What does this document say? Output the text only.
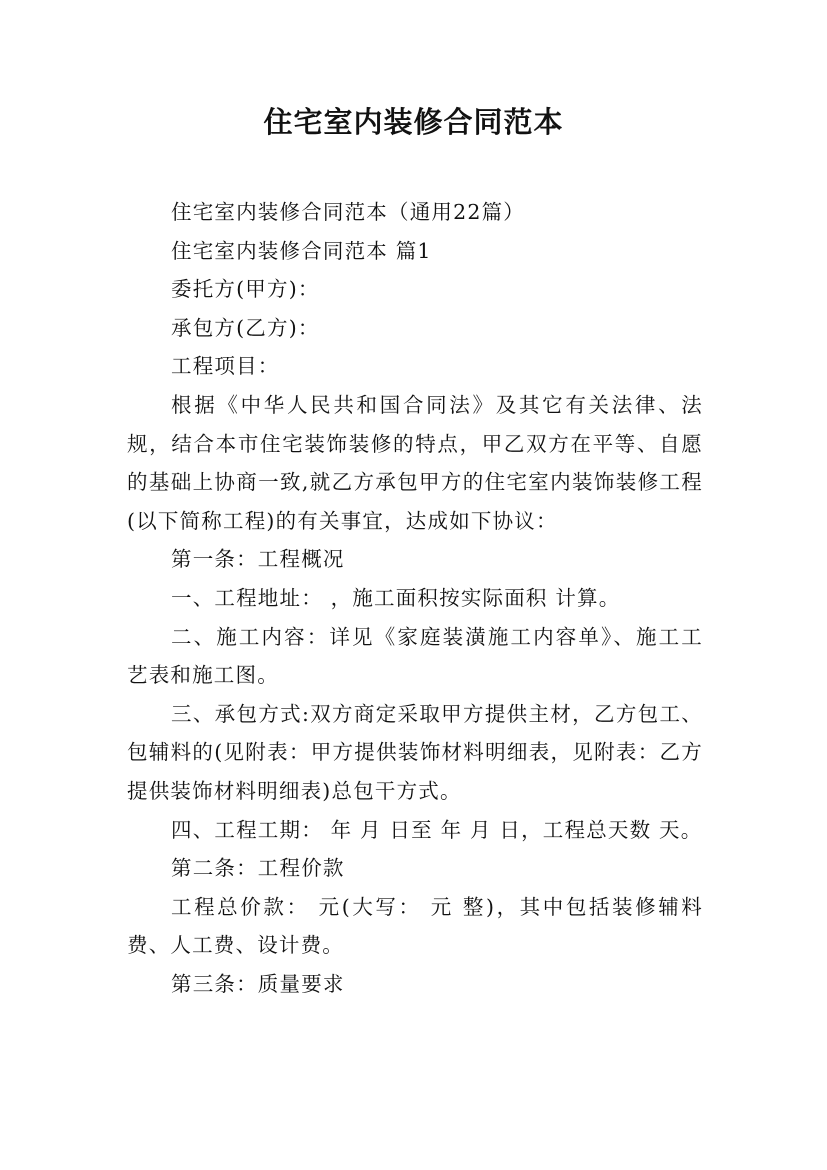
住宅室内装修合同范本

住宅室内装修合同范本（通用22篇）

住宅室内装修合同范本 篇1

委托方(甲方)：

承包方(乙方)：

工程项目：

根据《中华人民共和国合同法》及其它有关法律、法规，结合本市住宅装饰装修的特点，甲乙双方在平等、自愿的基础上协商一致,就乙方承包甲方的住宅室内装饰装修工程(以下简称工程)的有关事宜，达成如下协议：

第一条：工程概况

一、工程地址： ，施工面积按实际面积 计算。

二、施工内容：详见《家庭装潢施工内容单》、施工工艺表和施工图。

三、承包方式:双方商定采取甲方提供主材，乙方包工、包辅料的(见附表：甲方提供装饰材料明细表，见附表：乙方提供装饰材料明细表)总包干方式。

四、工程工期： 年 月 日至 年 月 日，工程总天数 天。

第二条：工程价款

工程总价款： 元(大写： 元 整)，其中包括装修辅料费、人工费、设计费。

第三条：质量要求
